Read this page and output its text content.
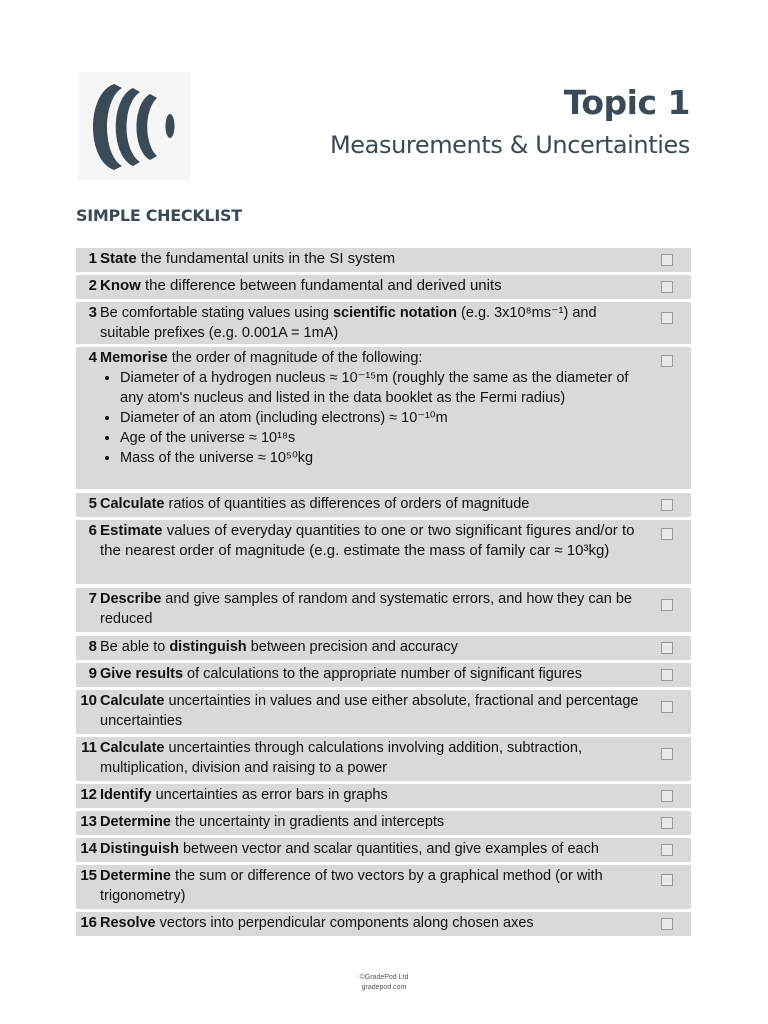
Topic 1
Measurements & Uncertainties
SIMPLE CHECKLIST
1 State the fundamental units in the SI system
2 Know the difference between fundamental and derived units
3 Be comfortable stating values using scientific notation (e.g. 3x10⁸ms⁻¹) and suitable prefixes (e.g. 0.001A = 1mA)
4 Memorise the order of magnitude of the following:
• Diameter of a hydrogen nucleus ≈ 10⁻¹⁵m (roughly the same as the diameter of any atom's nucleus and listed in the data booklet as the Fermi radius)
• Diameter of an atom (including electrons) ≈ 10⁻¹⁰m
• Age of the universe ≈ 10¹⁸s
• Mass of the universe ≈ 10⁵⁰kg
5 Calculate ratios of quantities as differences of orders of magnitude
6 Estimate values of everyday quantities to one or two significant figures and/or to the nearest order of magnitude (e.g. estimate the mass of family car ≈ 10³kg)
7 Describe and give samples of random and systematic errors, and how they can be reduced
8 Be able to distinguish between precision and accuracy
9 Give results of calculations to the appropriate number of significant figures
10 Calculate uncertainties in values and use either absolute, fractional and percentage uncertainties
11 Calculate uncertainties through calculations involving addition, subtraction, multiplication, division and raising to a power
12 Identify uncertainties as error bars in graphs
13 Determine the uncertainty in gradients and intercepts
14 Distinguish between vector and scalar quantities, and give examples of each
15 Determine the sum or difference of two vectors by a graphical method (or with trigonometry)
16 Resolve vectors into perpendicular components along chosen axes
©GradePod Ltd
gradepod.com
